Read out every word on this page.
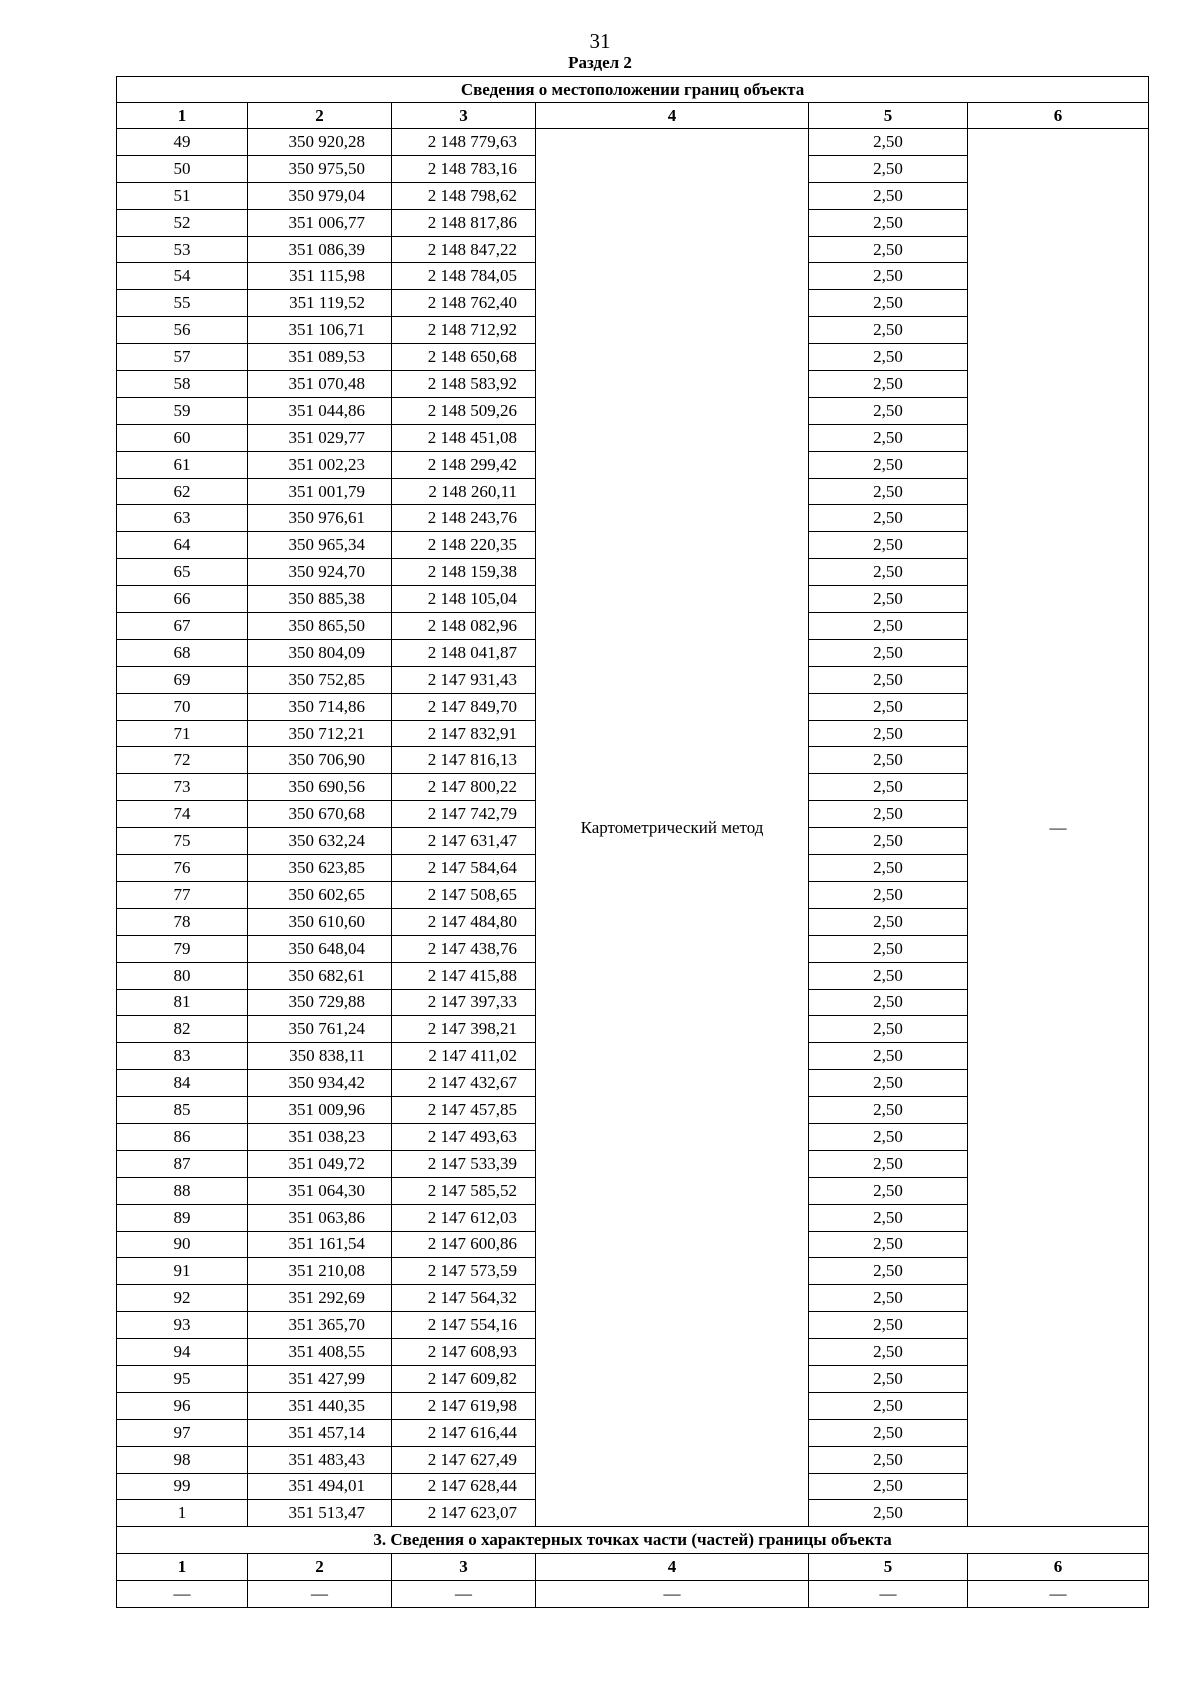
31
Раздел 2
Сведения о местоположении границ объекта					
1	2	3	4	5	6
49	350 920,28	2 148 779,63	Картометрический метод	2,50	—
50	350 975,50	2 148 783,16		2,50	
51	350 979,04	2 148 798,62		2,50	
52	351 006,77	2 148 817,86		2,50	
53	351 086,39	2 148 847,22		2,50	
54	351 115,98	2 148 784,05		2,50	
55	351 119,52	2 148 762,40		2,50	
56	351 106,71	2 148 712,92		2,50	
57	351 089,53	2 148 650,68		2,50	
58	351 070,48	2 148 583,92		2,50	
59	351 044,86	2 148 509,26		2,50	
60	351 029,77	2 148 451,08		2,50	
61	351 002,23	2 148 299,42		2,50	
62	351 001,79	2 148 260,11		2,50	
63	350 976,61	2 148 243,76		2,50	
64	350 965,34	2 148 220,35		2,50	
65	350 924,70	2 148 159,38		2,50	
66	350 885,38	2 148 105,04		2,50	
67	350 865,50	2 148 082,96		2,50	
68	350 804,09	2 148 041,87		2,50	
69	350 752,85	2 147 931,43		2,50	
70	350 714,86	2 147 849,70		2,50	
71	350 712,21	2 147 832,91		2,50	
72	350 706,90	2 147 816,13		2,50	
73	350 690,56	2 147 800,22		2,50	
74	350 670,68	2 147 742,79		2,50	
75	350 632,24	2 147 631,47		2,50	
76	350 623,85	2 147 584,64		2,50	
77	350 602,65	2 147 508,65		2,50	
78	350 610,60	2 147 484,80		2,50	
79	350 648,04	2 147 438,76		2,50	
80	350 682,61	2 147 415,88		2,50	
81	350 729,88	2 147 397,33		2,50	
82	350 761,24	2 147 398,21		2,50	
83	350 838,11	2 147 411,02		2,50	
84	350 934,42	2 147 432,67		2,50	
85	351 009,96	2 147 457,85		2,50	
86	351 038,23	2 147 493,63		2,50	
87	351 049,72	2 147 533,39		2,50	
88	351 064,30	2 147 585,52		2,50	
89	351 063,86	2 147 612,03		2,50	
90	351 161,54	2 147 600,86		2,50	
91	351 210,08	2 147 573,59		2,50	
92	351 292,69	2 147 564,32		2,50	
93	351 365,70	2 147 554,16		2,50	
94	351 408,55	2 147 608,93		2,50	
95	351 427,99	2 147 609,82		2,50	
96	351 440,35	2 147 619,98		2,50	
97	351 457,14	2 147 616,44		2,50	
98	351 483,43	2 147 627,49		2,50	
99	351 494,01	2 147 628,44		2,50	
1	351 513,47	2 147 623,07		2,50	
3. Сведения о характерных точках части (частей) границы объекта					
1	2	3	4	5	6
—	—	—	—	—	—
